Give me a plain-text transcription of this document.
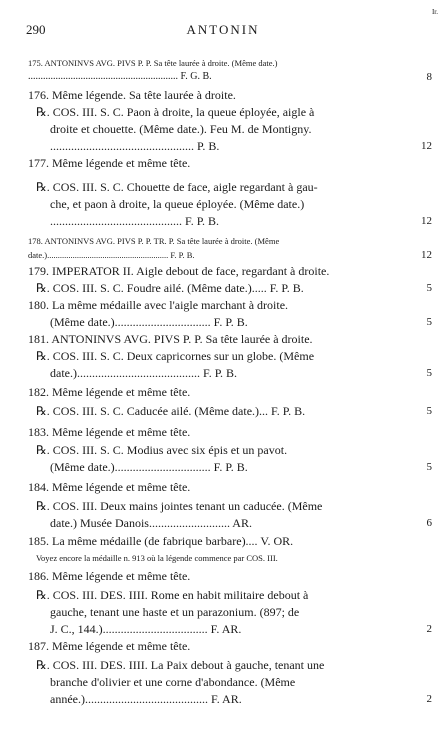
290	ANTONIN
Ir.
175. ANTONINVS AVG. PIVS P. P. Sa tête laurée à droite. (Même date.)
............................................................ F. G. B.	8
176. Même légende. Sa tête laurée à droite.
℞. COS. III. S. C. Paon à droite, la queue éployée, aigle à
droite et chouette. (Même date.). Feu M. de Montigny.
................................................ P. B.	12
177. Même légende et même tête.
℞. COS. III. S. C. Chouette de face, aigle regardant à gau-
che, et paon à droite, la queue éployée. (Même date.)
............................................ F. P. B.	12
178. ANTONINVS AVG. PIVS P. P. TR. P. Sa tête laurée à droite. (Même
date.)......................................................... F. P. B.	12
179. IMPERATOR II. Aigle debout de face, regardant à droite.
℞. COS. III. S. C. Foudre ailé. (Même date.)..... F. P. B.	5
180. La même médaille avec l'aigle marchant à droite.
(Même date.)................................ F. P. B.	5
181. ANTONINVS AVG. PIVS P. P. Sa tête laurée à droite.
℞. COS. III. S. C. Deux capricornes sur un globe. (Même
date.)......................................... F. P. B.	5
182. Même légende et même tête.
℞. COS. III. S. C. Caducée ailé. (Même date.)... F. P. B.	5
183. Même légende et même tête.
℞. COS. III. S. C. Modius avec six épis et un pavot.
(Même date.)................................ F. P. B.	5
184. Même légende et même tête.
℞. COS. III. Deux mains jointes tenant un caducée. (Même
date.) Musée Danois........................... AR.	6
185. La même médaille (de fabrique barbare).... V. OR.
Voyez encore la médaille n. 913 où la légende commence par COS. III.
186. Même légende et même tête.
℞. COS. III. DES. IIII. Rome en habit militaire debout à
gauche, tenant une haste et un parazonium. (897; de
J. C., 144.)................................... F. AR.	2
187. Même légende et même tête.
℞. COS. III. DES. IIII. La Paix debout à gauche, tenant une
branche d'olivier et une corne d'abondance. (Même
année.)......................................... F. AR.	2
